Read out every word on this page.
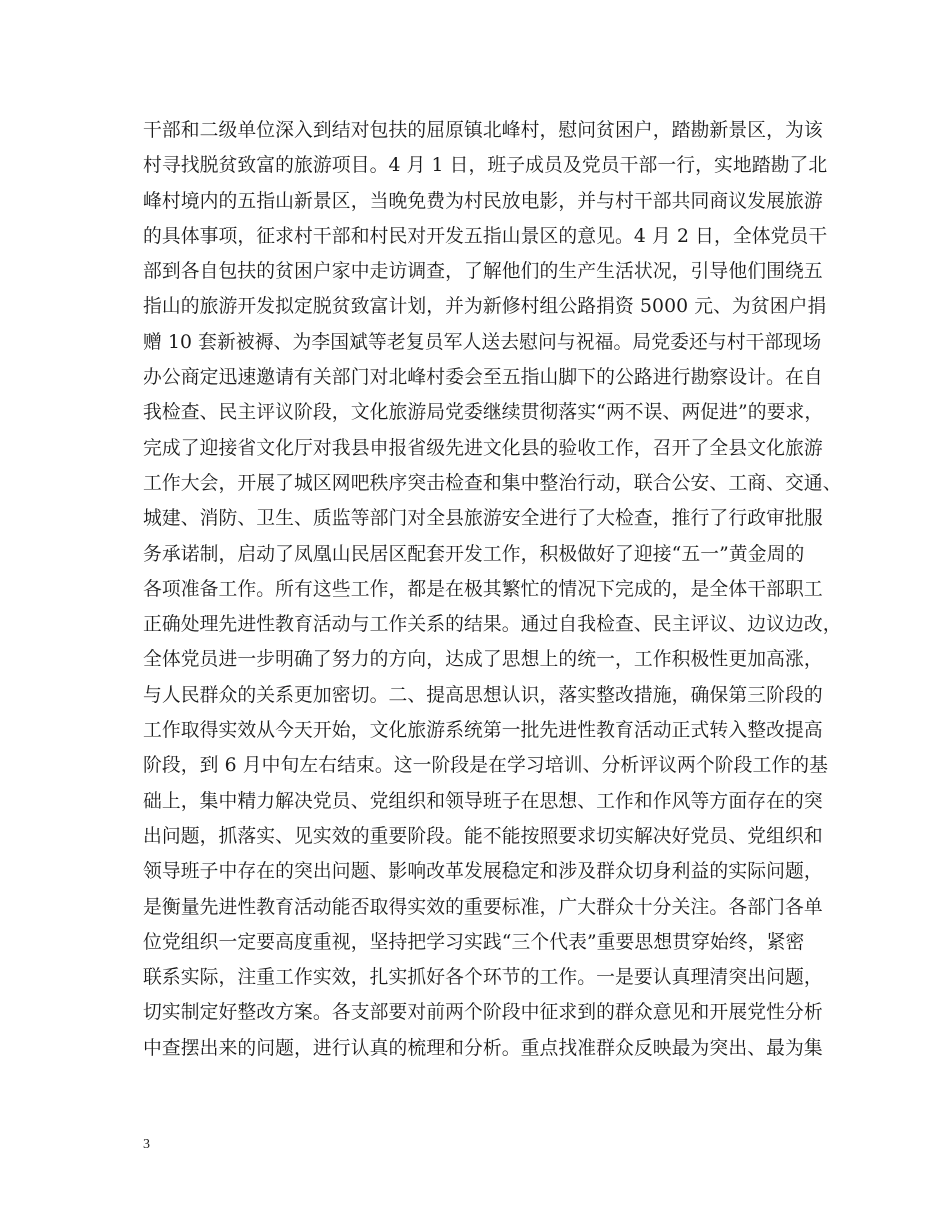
干部和二级单位深入到结对包扶的屈原镇北峰村，慰问贫困户，踏勘新景区，为该
村寻找脱贫致富的旅游项目。4 月 1 日，班子成员及党员干部一行，实地踏勘了北
峰村境内的五指山新景区，当晚免费为村民放电影，并与村干部共同商议发展旅游
的具体事项，征求村干部和村民对开发五指山景区的意见。4 月 2 日，全体党员干
部到各自包扶的贫困户家中走访调查，了解他们的生产生活状况，引导他们围绕五
指山的旅游开发拟定脱贫致富计划，并为新修村组公路捐资 5000 元、为贫困户捐
赠 10 套新被褥、为李国斌等老复员军人送去慰问与祝福。局党委还与村干部现场
办公商定迅速邀请有关部门对北峰村委会至五指山脚下的公路进行勘察设计。在自
我检查、民主评议阶段，文化旅游局党委继续贯彻落实“两不误、两促进”的要求，
完成了迎接省文化厅对我县申报省级先进文化县的验收工作，召开了全县文化旅游
工作大会，开展了城区网吧秩序突击检查和集中整治行动，联合公安、工商、交通、
城建、消防、卫生、质监等部门对全县旅游安全进行了大检查，推行了行政审批服
务承诺制，启动了凤凰山民居区配套开发工作，积极做好了迎接“五一”黄金周的
各项准备工作。所有这些工作，都是在极其繁忙的情况下完成的，是全体干部职工
正确处理先进性教育活动与工作关系的结果。通过自我检查、民主评议、边议边改，
全体党员进一步明确了努力的方向，达成了思想上的统一，工作积极性更加高涨，
与人民群众的关系更加密切。二、提高思想认识，落实整改措施，确保第三阶段的
工作取得实效从今天开始，文化旅游系统第一批先进性教育活动正式转入整改提高
阶段，到 6 月中旬左右结束。这一阶段是在学习培训、分析评议两个阶段工作的基
础上，集中精力解决党员、党组织和领导班子在思想、工作和作风等方面存在的突
出问题，抓落实、见实效的重要阶段。能不能按照要求切实解决好党员、党组织和
领导班子中存在的突出问题、影响改革发展稳定和涉及群众切身利益的实际问题，
是衡量先进性教育活动能否取得实效的重要标准，广大群众十分关注。各部门各单
位党组织一定要高度重视，坚持把学习实践“三个代表”重要思想贯穿始终，紧密
联系实际，注重工作实效，扎实抓好各个环节的工作。一是要认真理清突出问题，
切实制定好整改方案。各支部要对前两个阶段中征求到的群众意见和开展党性分析
中查摆出来的问题，进行认真的梳理和分析。重点找准群众反映最为突出、最为集
3
